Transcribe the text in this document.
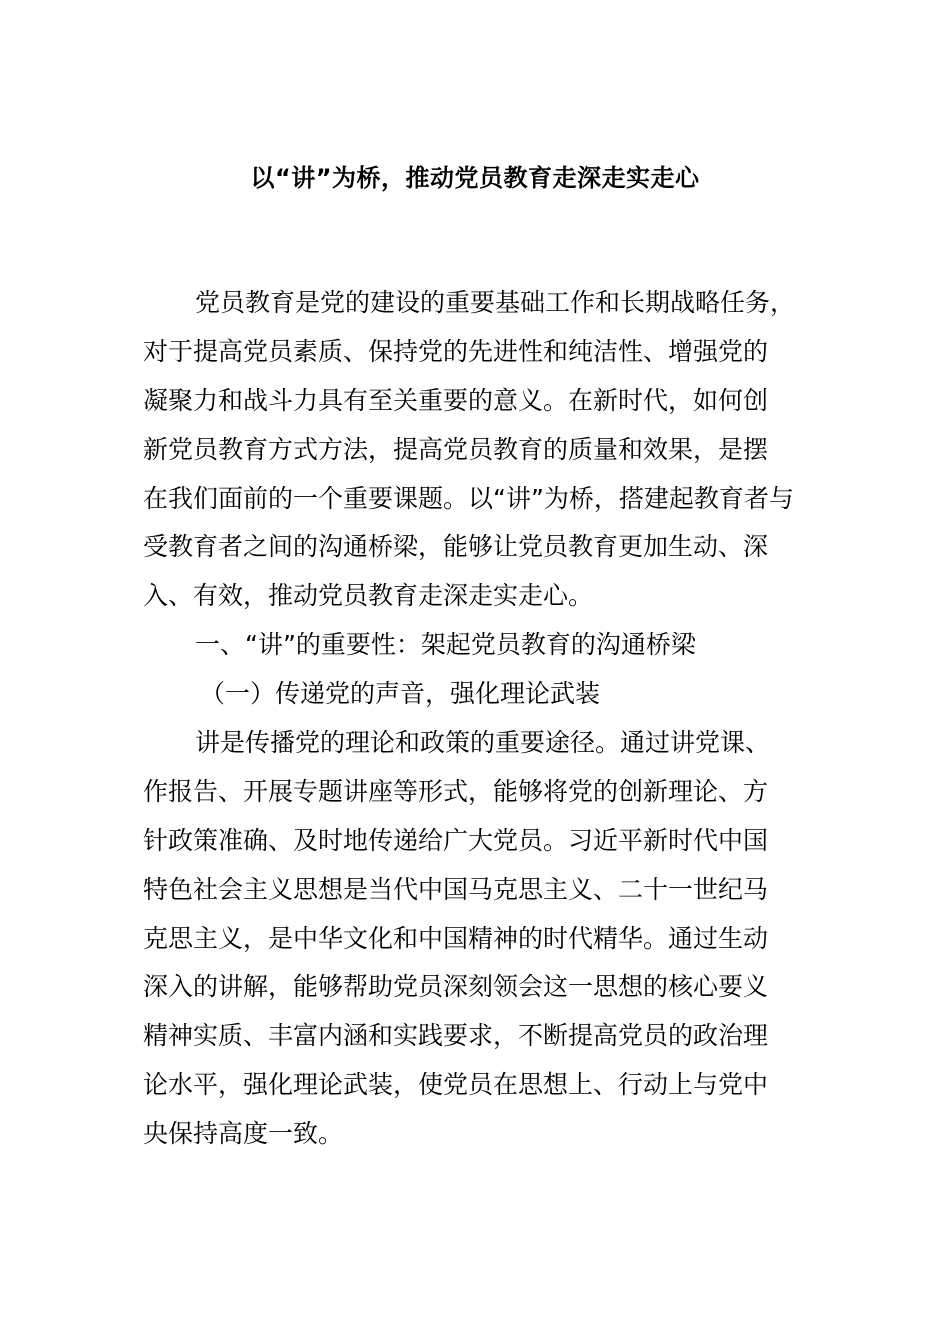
以“讲”为桥，推动党员教育走深走实走心
党员教育是党的建设的重要基础工作和长期战略任务，
对于提高党员素质、保持党的先进性和纯洁性、增强党的
凝聚力和战斗力具有至关重要的意义。在新时代，如何创
新党员教育方式方法，提高党员教育的质量和效果，是摆
在我们面前的一个重要课题。以“讲”为桥，搭建起教育者与
受教育者之间的沟通桥梁，能够让党员教育更加生动、深
入、有效，推动党员教育走深走实走心。
一、“讲”的重要性：架起党员教育的沟通桥梁
（一）传递党的声音，强化理论武装
讲是传播党的理论和政策的重要途径。通过讲党课、
作报告、开展专题讲座等形式，能够将党的创新理论、方
针政策准确、及时地传递给广大党员。习近平新时代中国
特色社会主义思想是当代中国马克思主义、二十一世纪马
克思主义，是中华文化和中国精神的时代精华。通过生动
深入的讲解，能够帮助党员深刻领会这一思想的核心要义
精神实质、丰富内涵和实践要求，不断提高党员的政治理
论水平，强化理论武装，使党员在思想上、行动上与党中
央保持高度一致。
